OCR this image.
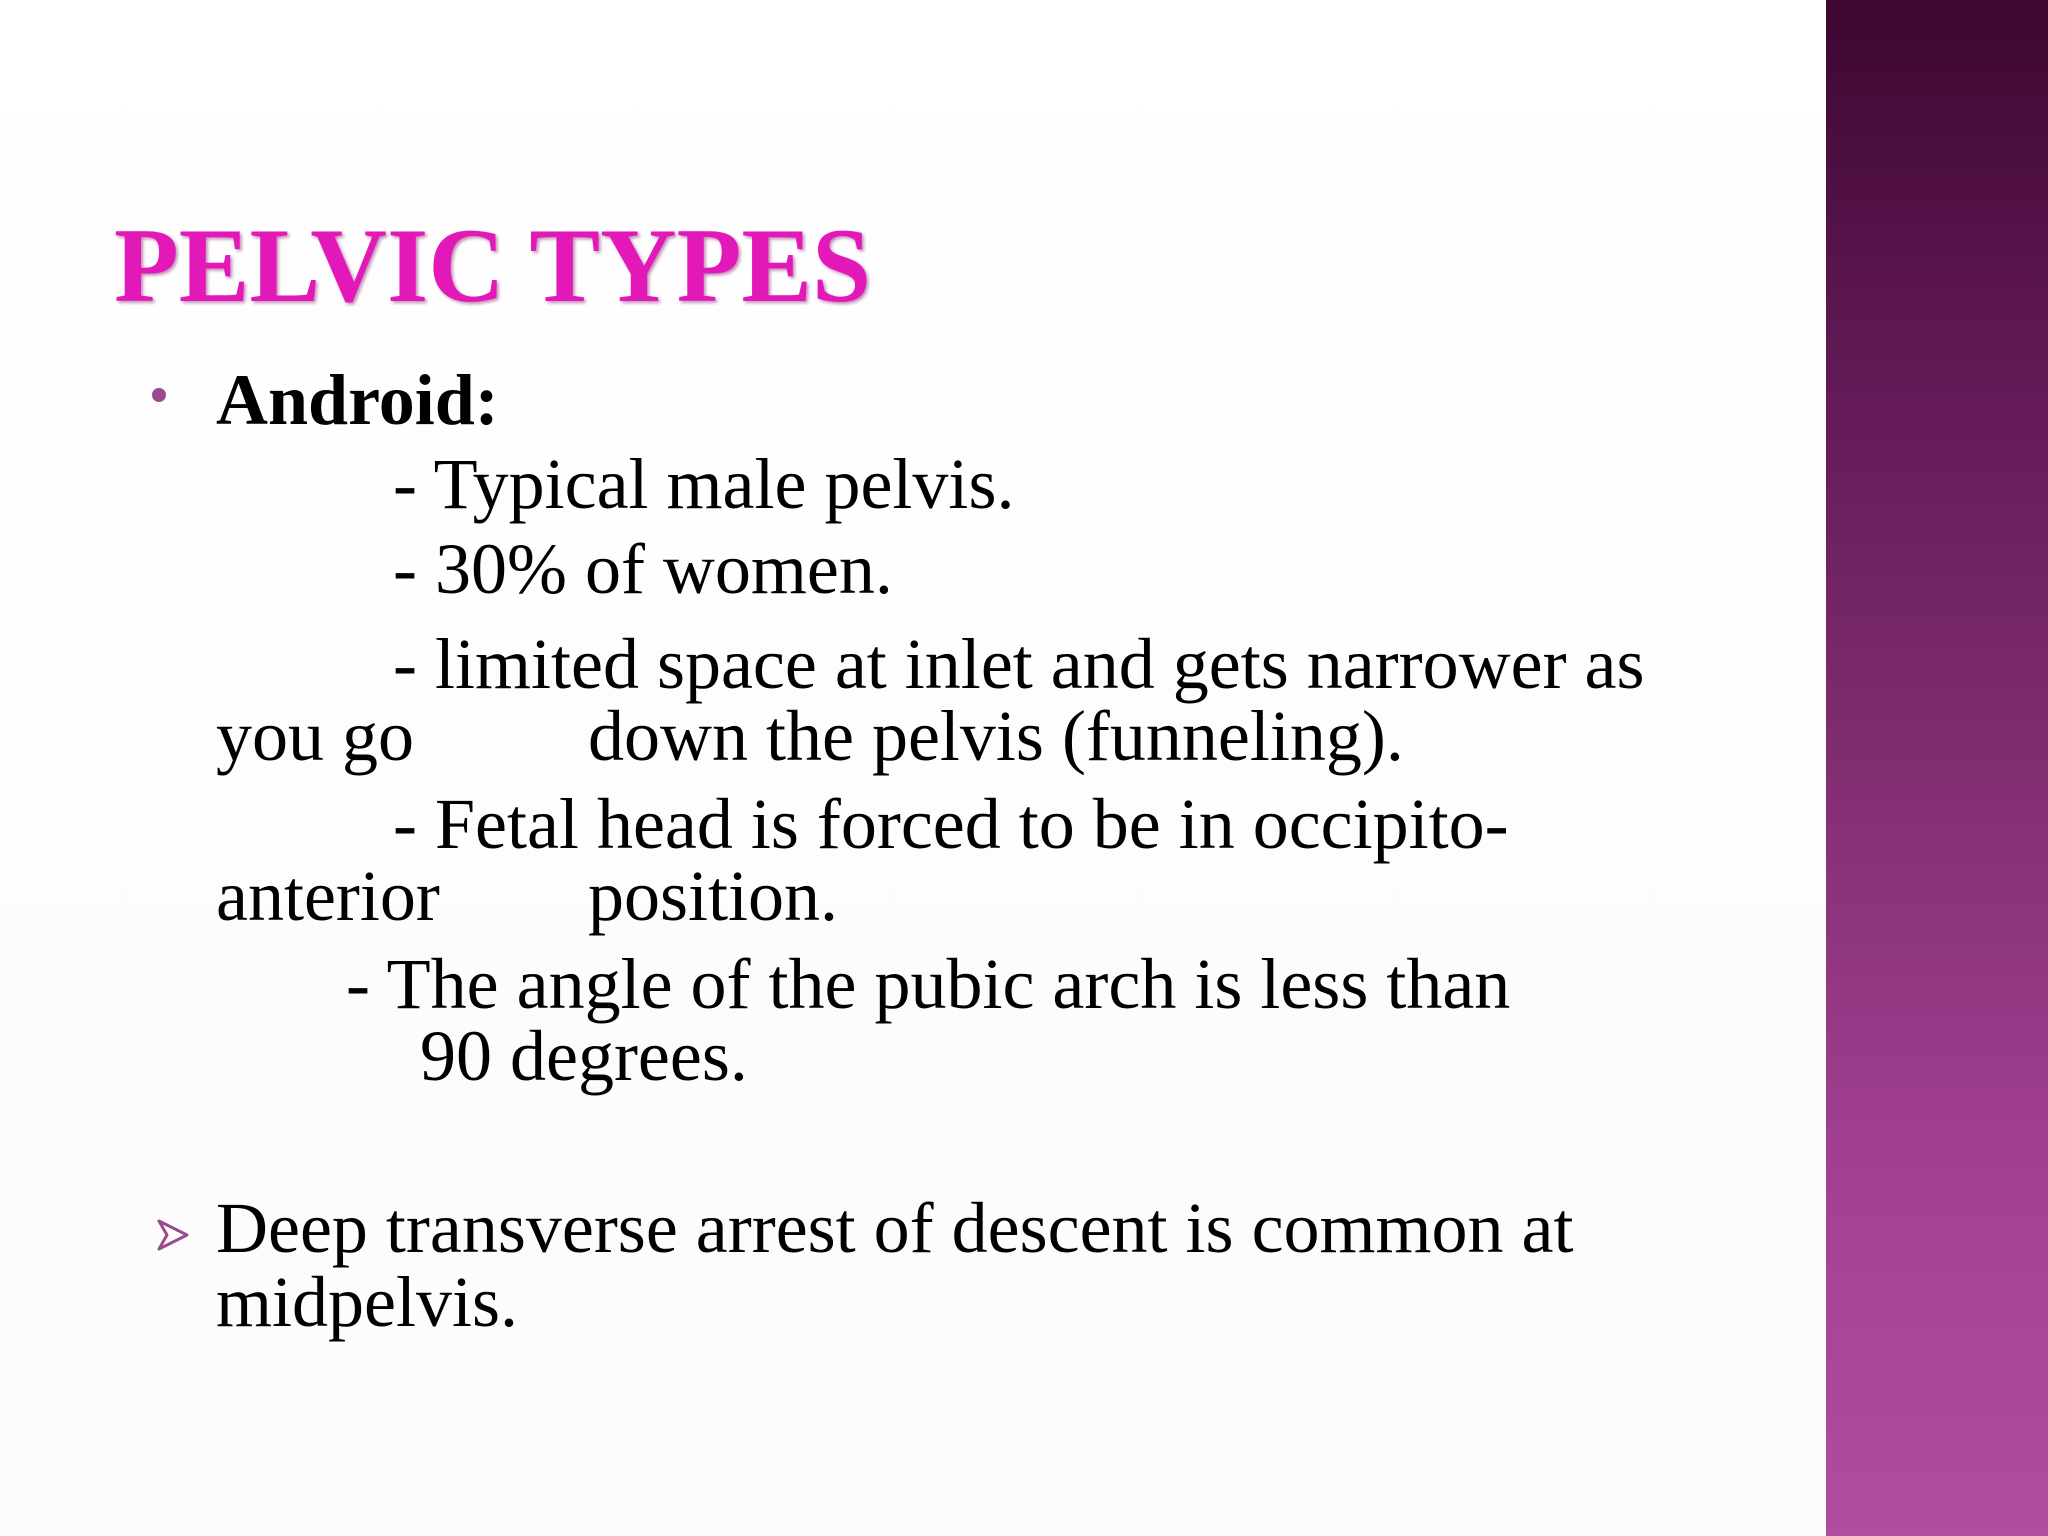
PELVIC TYPES

Android:

- Typical male pelvis.

- 30% of women.

- limited space at inlet and gets narrower as

you go down the pelvis (funneling).

- Fetal head is forced to be in occipito-

anterior position.

- The angle of the pubic arch is less than

90 degrees.

Deep transverse arrest of descent is common at

midpelvis.
